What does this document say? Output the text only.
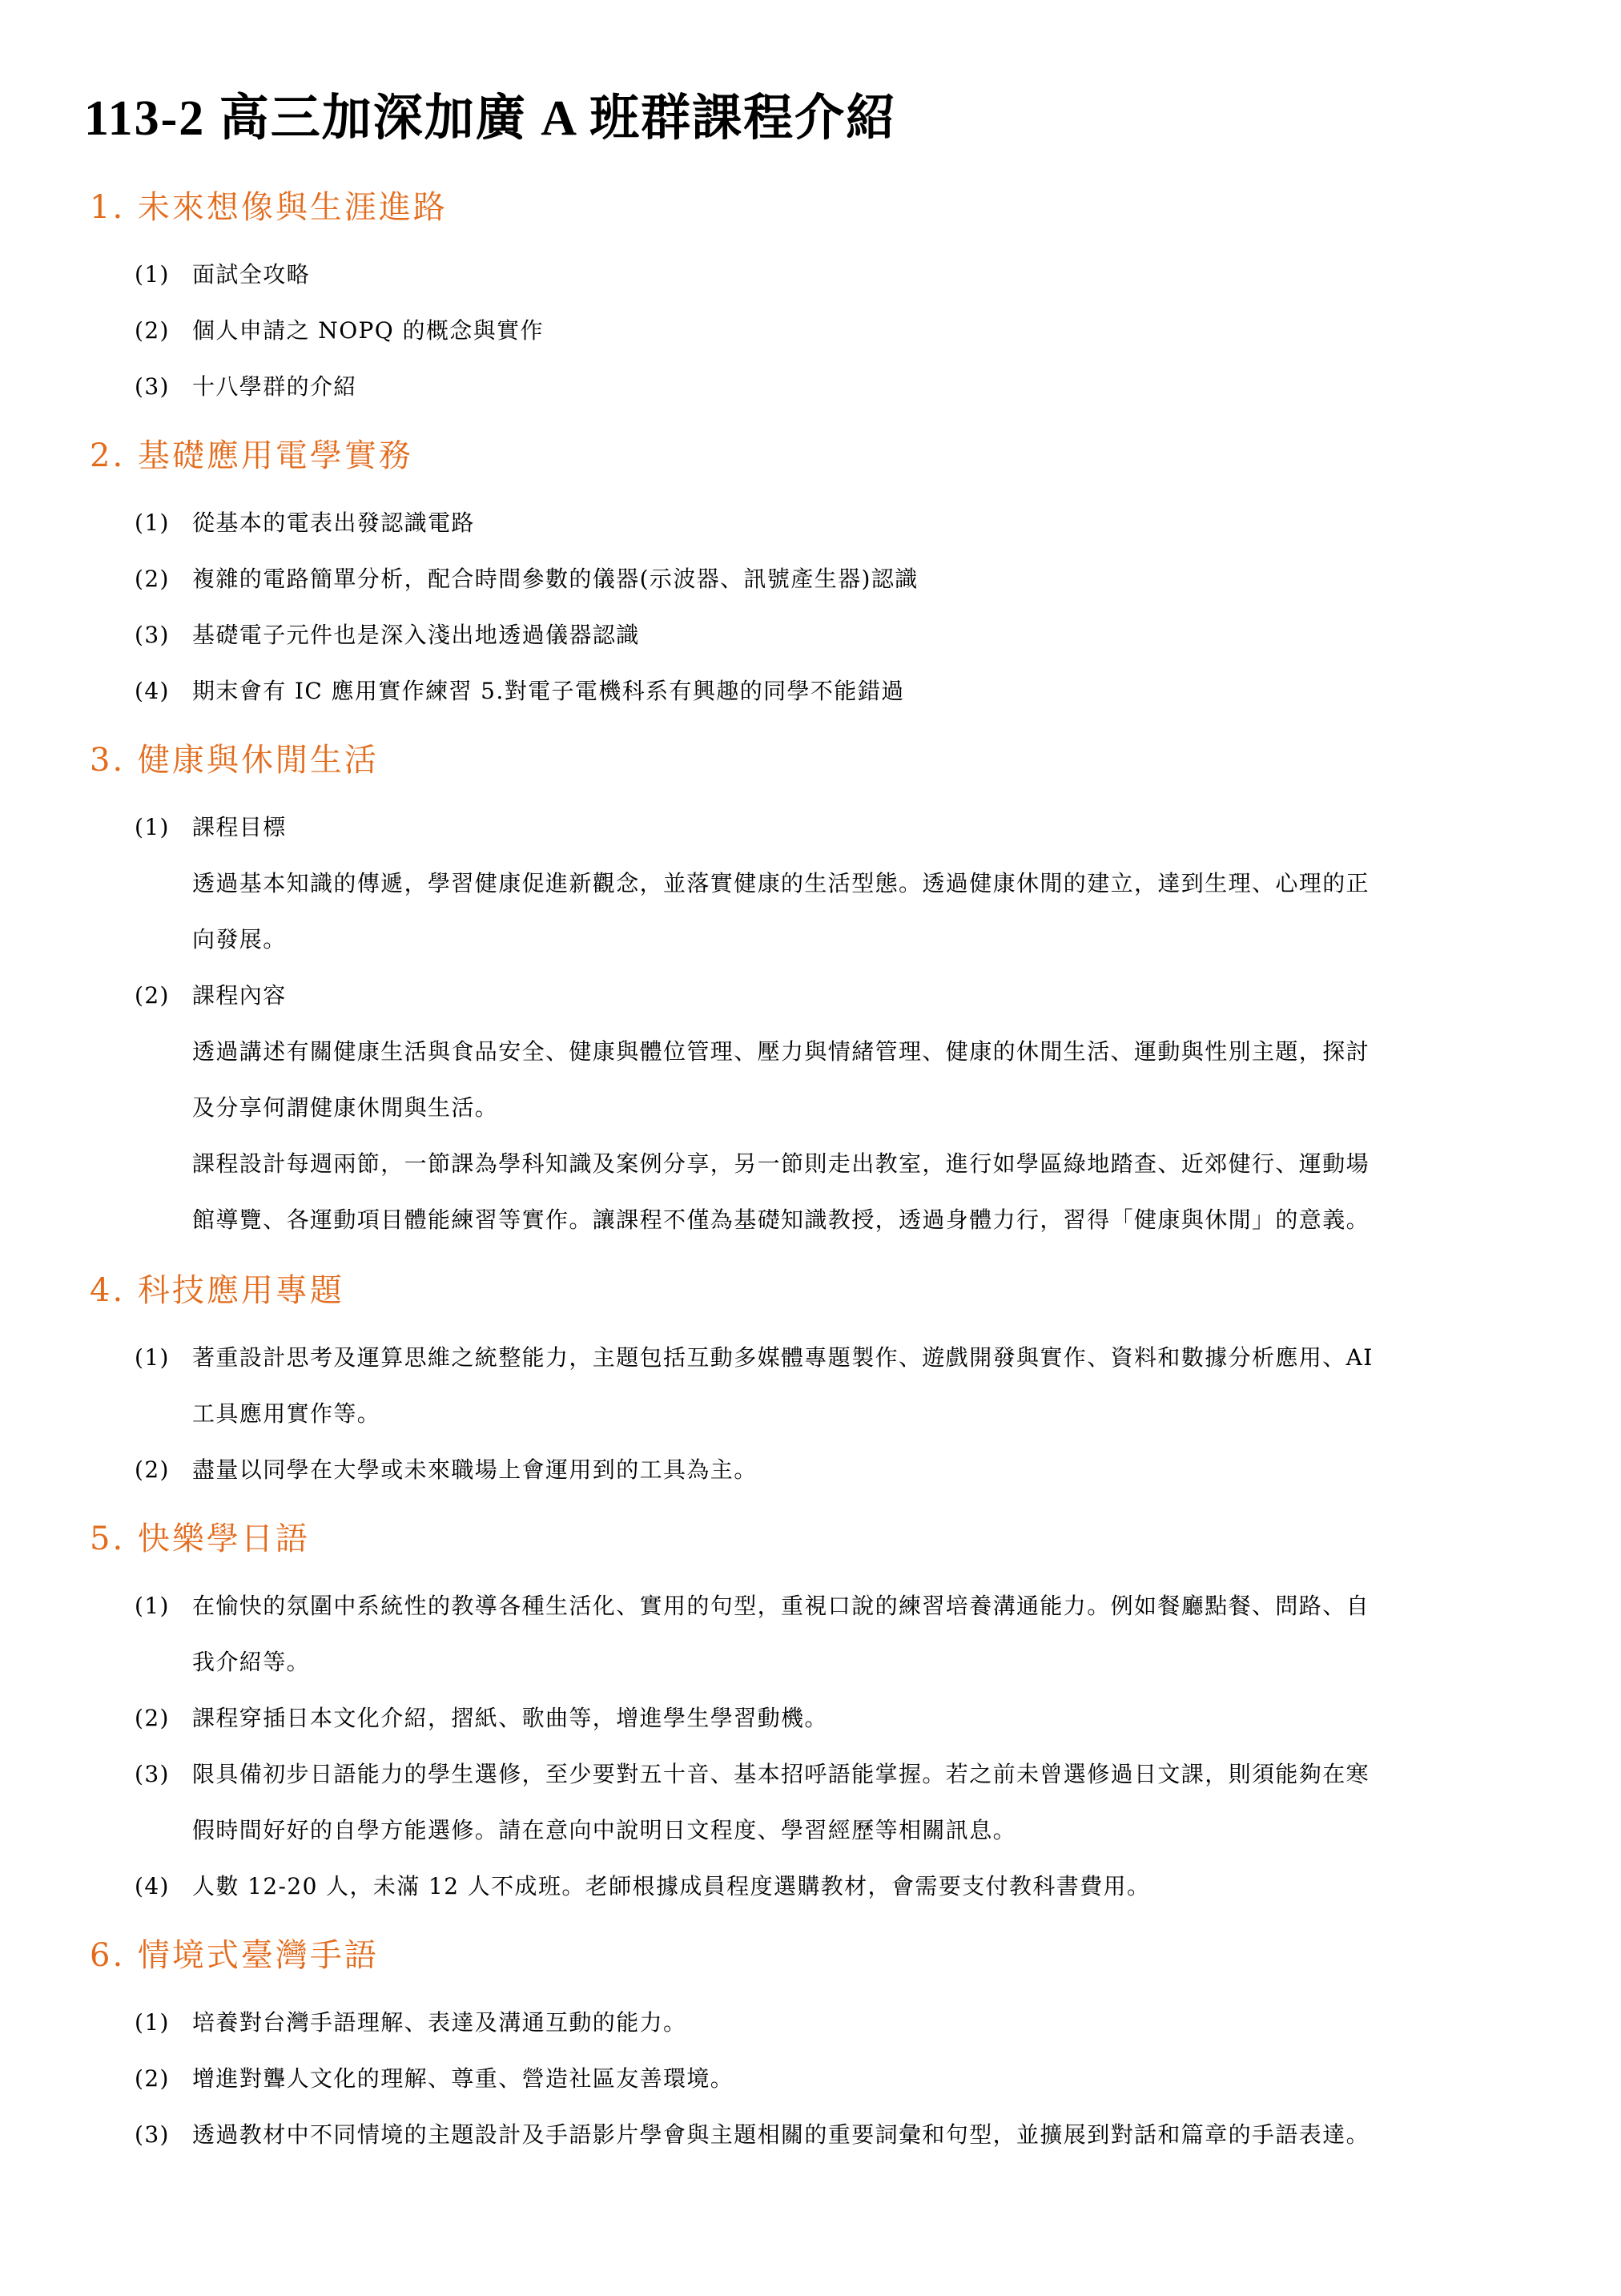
113-2 高三加深加廣 A 班群課程介紹
1. 未來想像與生涯進路
(1) 面試全攻略
(2) 個人申請之 NOPQ 的概念與實作
(3) 十八學群的介紹
2. 基礎應用電學實務
(1) 從基本的電表出發認識電路
(2) 複雜的電路簡單分析，配合時間參數的儀器(示波器、訊號產生器)認識
(3) 基礎電子元件也是深入淺出地透過儀器認識
(4) 期末會有 IC 應用實作練習 5.對電子電機科系有興趣的同學不能錯過
3. 健康與休閒生活
(1) 課程目標
透過基本知識的傳遞，學習健康促進新觀念，並落實健康的生活型態。透過健康休閒的建立，達到生理、心理的正
向發展。
(2) 課程內容
透過講述有關健康生活與食品安全、健康與體位管理、壓力與情緒管理、健康的休閒生活、運動與性別主題，探討
及分享何謂健康休閒與生活。
課程設計每週兩節，一節課為學科知識及案例分享，另一節則走出教室，進行如學區綠地踏查、近郊健行、運動場
館導覽、各運動項目體能練習等實作。讓課程不僅為基礎知識教授，透過身體力行，習得「健康與休閒」的意義。
4. 科技應用專題
(1) 著重設計思考及運算思維之統整能力，主題包括互動多媒體專題製作、遊戲開發與實作、資料和數據分析應用、AI
工具應用實作等。
(2) 盡量以同學在大學或未來職場上會運用到的工具為主。
5. 快樂學日語
(1) 在愉快的氛圍中系統性的教導各種生活化、實用的句型，重視口說的練習培養溝通能力。例如餐廳點餐、問路、自
我介紹等。
(2) 課程穿插日本文化介紹，摺紙、歌曲等，增進學生學習動機。
(3) 限具備初步日語能力的學生選修，至少要對五十音、基本招呼語能掌握。若之前未曾選修過日文課，則須能夠在寒
假時間好好的自學方能選修。請在意向中說明日文程度、學習經歷等相關訊息。
(4) 人數 12-20 人，未滿 12 人不成班。老師根據成員程度選購教材，會需要支付教科書費用。
6. 情境式臺灣手語
(1) 培養對台灣手語理解、表達及溝通互動的能力。
(2) 增進對聾人文化的理解、尊重、營造社區友善環境。
(3) 透過教材中不同情境的主題設計及手語影片學會與主題相關的重要詞彙和句型，並擴展到對話和篇章的手語表達。
